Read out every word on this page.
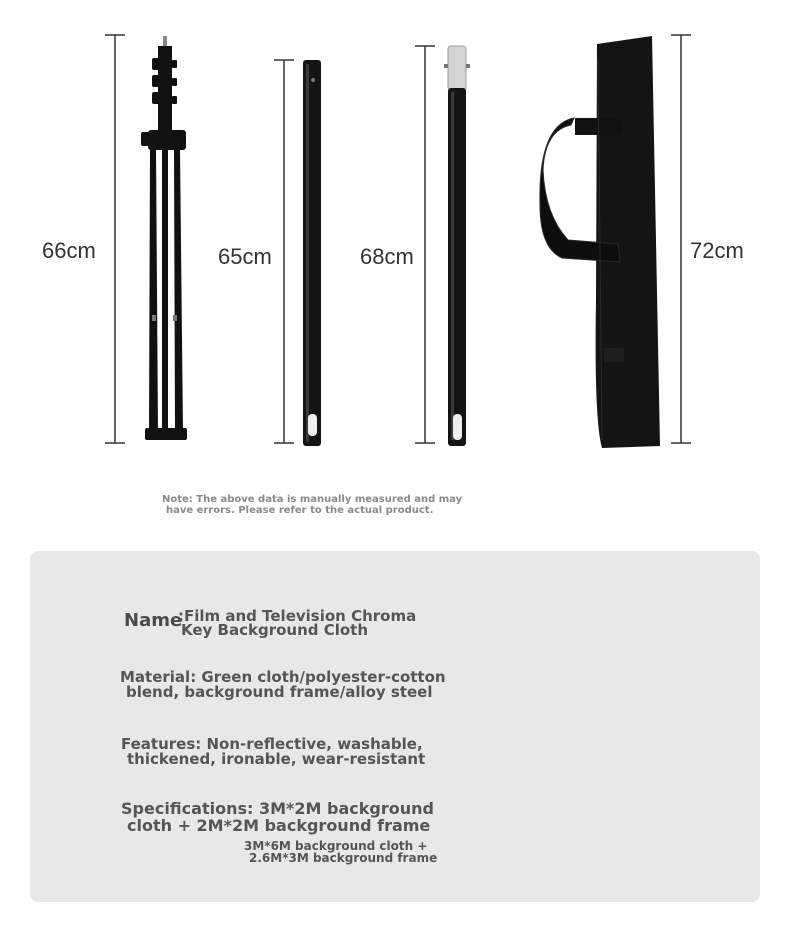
66cm	65cm	68cm	72cm
Note: The above data is manually measured and may
have errors. Please refer to the actual product.
Name
:Film and Television Chroma
Key Background Cloth
Material: Green cloth/polyester-cotton
blend, background frame/alloy steel
Features: Non-reflective, washable,
thickened, ironable, wear-resistant
Specifications: 3M*2M background
cloth + 2M*2M background frame
3M*6M background cloth +
2.6M*3M background frame
